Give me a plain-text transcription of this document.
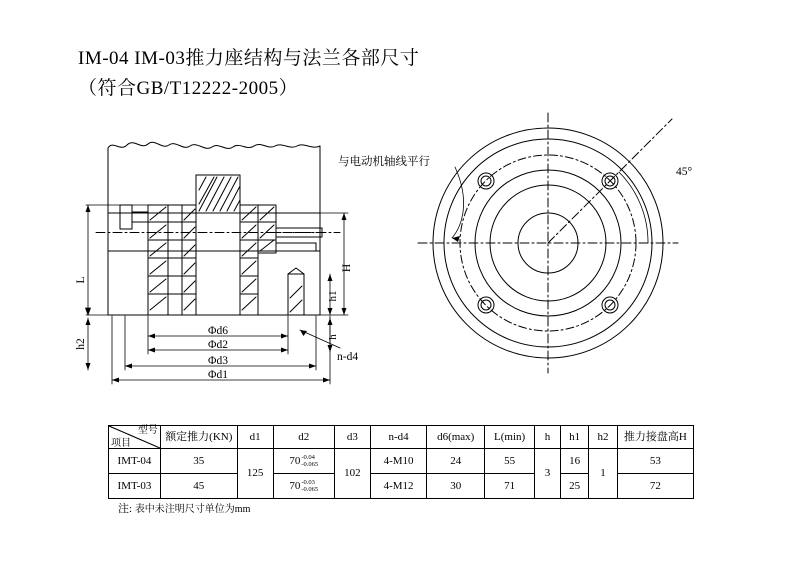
IM-04 IM-03推力座结构与法兰各部尺寸
（符合GB/T12222-2005）
与电动机轴线平行
45°
n-d4
L
h2
H
h1
h
Φd6
Φd2
Φd3
Φd1
型号
项目	额定推力(KN)	d1	d2	d3	n-d4	d6(max)	L(min)	h	h1	h2	推力接盘高H
IMT-04	35	125	70-0.04
-0.065	102	4-M10	24	55	3	16	1	53
IMT-03	45		70-0.03
-0.065		4-M12	30	71		25		72
注: 表中未注明尺寸单位为mm
